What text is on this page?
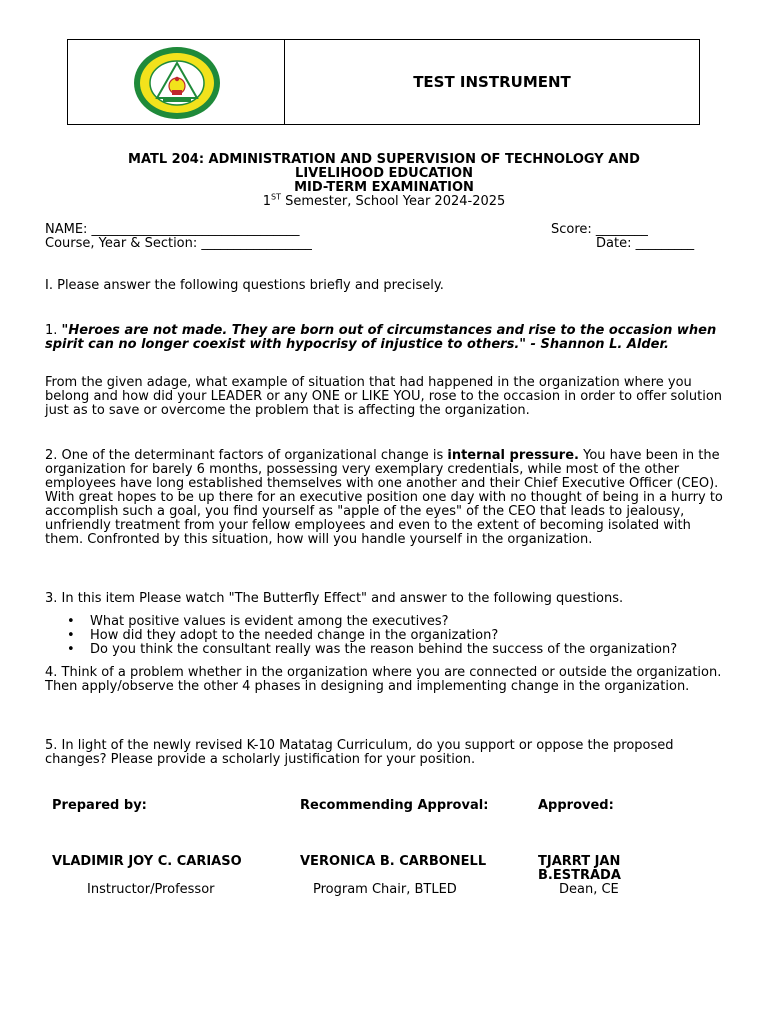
TEST INSTRUMENT
MATL 204: ADMINISTRATION AND SUPERVISION OF TECHNOLOGY AND
LIVELIHOOD EDUCATION
MID-TERM EXAMINATION
1ST Semester, School Year 2024-2025
NAME: ________________________________	Score: ________
Course, Year & Section: _________________	Date: _________
I. Please answer the following questions briefly and precisely.
1. "Heroes are not made. They are born out of circumstances and rise to the occasion when spirit can no longer coexist with hypocrisy of injustice to others." - Shannon L. Alder.
From the given adage, what example of situation that had happened in the organization where you belong and how did your LEADER or any ONE or LIKE YOU, rose to the occasion in order to offer solution just as to save or overcome the problem that is affecting the organization.
2. One of the determinant factors of organizational change is internal pressure. You have been in the organization for barely 6 months, possessing very exemplary credentials, while most of the other employees have long established themselves with one another and their Chief Executive Officer (CEO). With great hopes to be up there for an executive position one day with no thought of being in a hurry to accomplish such a goal, you find yourself as "apple of the eyes" of the CEO that leads to jealousy, unfriendly treatment from your fellow employees and even to the extent of becoming isolated with them. Confronted by this situation, how will you handle yourself in the organization.
3. In this item Please watch "The Butterfly Effect" and answer to the following questions.
• What positive values is evident among the executives?
• How did they adopt to the needed change in the organization?
• Do you think the consultant really was the reason behind the success of the organization?
4. Think of a problem whether in the organization where you are connected or outside the organization. Then apply/observe the other 4 phases in designing and implementing change in the organization.
5. In light of the newly revised K-10 Matatag Curriculum, do you support or oppose the proposed changes? Please provide a scholarly justification for your position.
Prepared by:	Recommending Approval:	Approved:
VLADIMIR JOY C. CARIASO	VERONICA B. CARBONELL	TJARRT JAN
B.ESTRADA
Instructor/Professor	Program Chair, BTLED	Dean, CE
